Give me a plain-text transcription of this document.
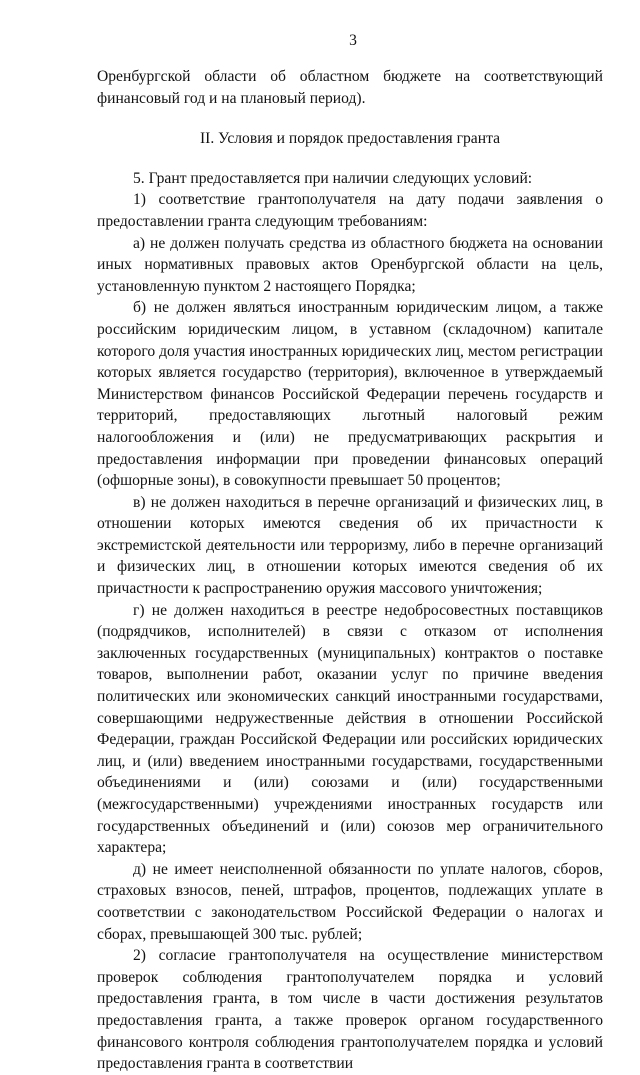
3

Оренбургской области об областном бюджете на соответствующий финансовый год и на плановый период).

II. Условия и порядок предоставления гранта

5. Грант предоставляется при наличии следующих условий:

1) соответствие грантополучателя на дату подачи заявления о предоставлении гранта следующим требованиям:

а) не должен получать средства из областного бюджета на основании иных нормативных правовых актов Оренбургской области на цель, установленную пунктом 2 настоящего Порядка;

б) не должен являться иностранным юридическим лицом, а также российским юридическим лицом, в уставном (складочном) капитале которого доля участия иностранных юридических лиц, местом регистрации которых является государство (территория), включенное в утверждаемый Министерством финансов Российской Федерации перечень государств и территорий, предоставляющих льготный налоговый режим налогообложения и (или) не предусматривающих раскрытия и предоставления информации при проведении финансовых операций (офшорные зоны), в совокупности превышает 50 процентов;

в) не должен находиться в перечне организаций и физических лиц, в отношении которых имеются сведения об их причастности к экстремистской деятельности или терроризму, либо в перечне организаций и физических лиц, в отношении которых имеются сведения об их причастности к распространению оружия массового уничтожения;

г) не должен находиться в реестре недобросовестных поставщиков (подрядчиков, исполнителей) в связи с отказом от исполнения заключенных государственных (муниципальных) контрактов о поставке товаров, выполнении работ, оказании услуг по причине введения политических или экономических санкций иностранными государствами, совершающими недружественные действия в отношении Российской Федерации, граждан Российской Федерации или российских юридических лиц, и (или) введением иностранными государствами, государственными объединениями и (или) союзами и (или) государственными (межгосударственными) учреждениями иностранных государств или государственных объединений и (или) союзов мер ограничительного характера;

д) не имеет неисполненной обязанности по уплате налогов, сборов, страховых взносов, пеней, штрафов, процентов, подлежащих уплате в соответствии с законодательством Российской Федерации о налогах и сборах, превышающей 300 тыс. рублей;

2) согласие грантополучателя на осуществление министерством проверок соблюдения грантополучателем порядка и условий предоставления гранта, в том числе в части достижения результатов предоставления гранта, а также проверок органом государственного финансового контроля соблюдения грантополучателем порядка и условий предоставления гранта в соответствии
